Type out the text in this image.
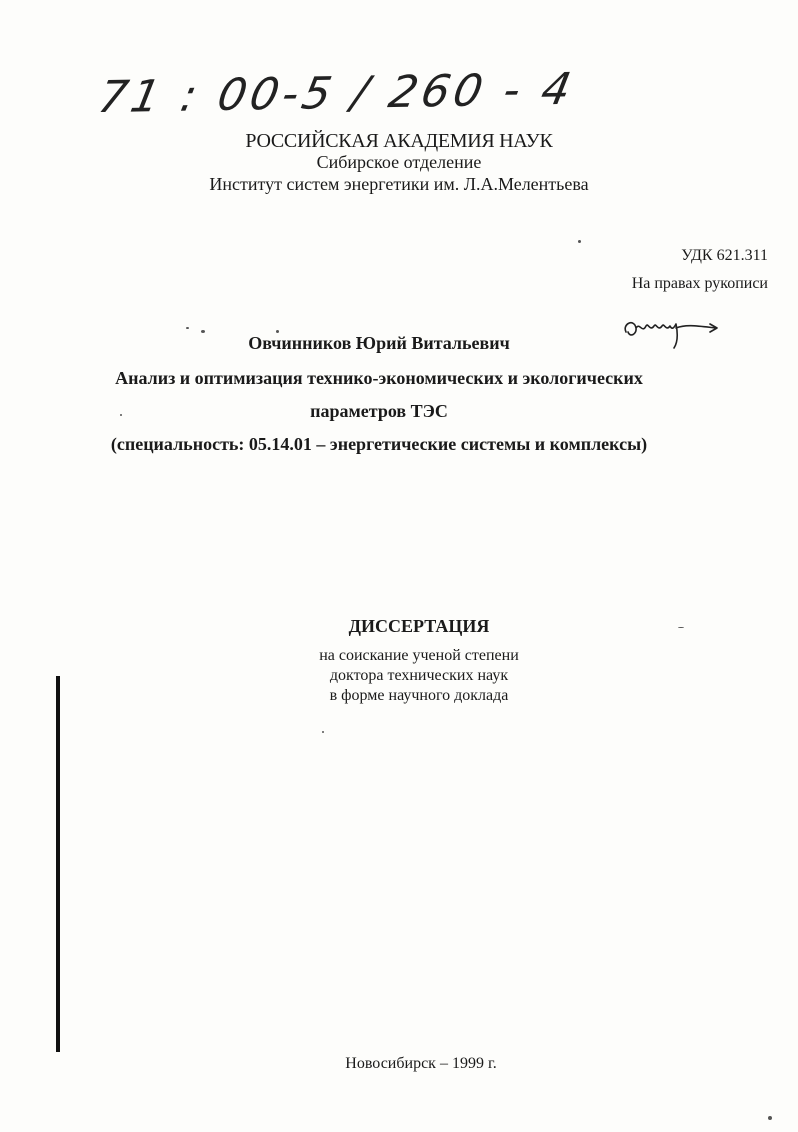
71 : 00-5 / 260 - 4
РОССИЙСКАЯ АКАДЕМИЯ НАУК
Сибирское отделение
Институт систем энергетики им. Л.А.Мелентьева
УДК 621.311
На правах рукописи
Овчинников Юрий Витальевич
Анализ и оптимизация технико-экономических и экологических
параметров ТЭС
(специальность: 05.14.01 – энергетические системы и комплексы)
ДИССЕРТАЦИЯ
на соискание ученой степени
доктора технических наук
в форме научного доклада
Новосибирск – 1999 г.
